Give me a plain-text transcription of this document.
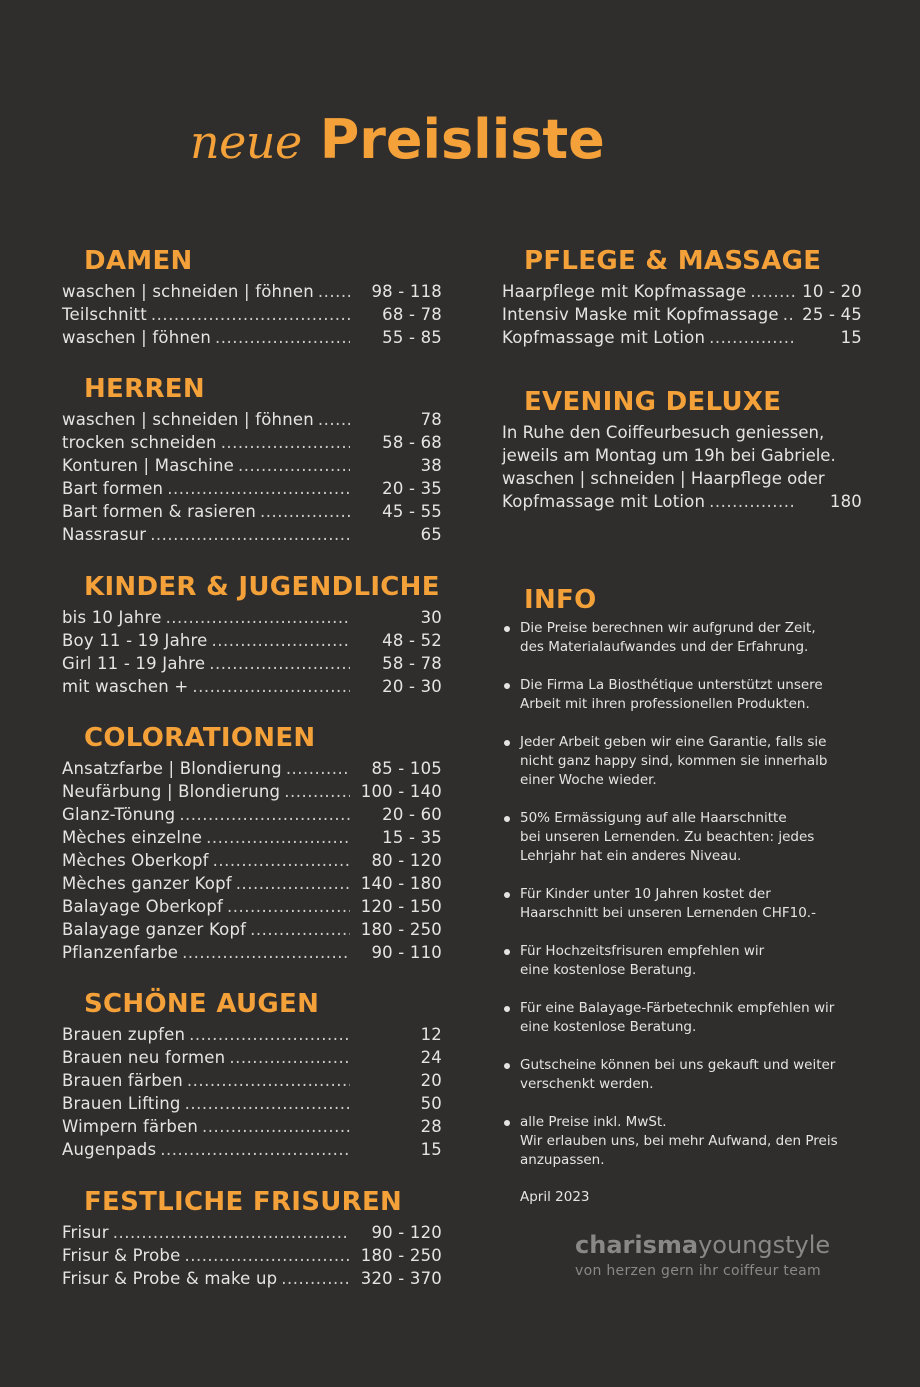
neue Preisliste
DAMEN
waschen | schneiden | föhnen .....	98 - 118
Teilschnitt .....	68 - 78
waschen | föhnen .....	55 - 85
HERREN
waschen | schneiden | föhnen .....	78
trocken schneiden .....	58 - 68
Konturen | Maschine .....	38
Bart formen .....	20 - 35
Bart formen & rasieren .....	45 - 55
Nassrasur .....	65
KINDER & JUGENDLICHE
bis 10 Jahre .....	30
Boy 11 - 19 Jahre .....	48 - 52
Girl 11 - 19 Jahre .....	58 - 78
mit waschen + .....	20 - 30
COLORATIONEN
Ansatzfarbe | Blondierung .....	85 - 105
Neufärbung | Blondierung .....	100 - 140
Glanz-Tönung .....	20 - 60
Mèches einzelne .....	15 - 35
Mèches Oberkopf .....	80 - 120
Mèches ganzer Kopf .....	140 - 180
Balayage Oberkopf .....	120 - 150
Balayage ganzer Kopf .....	180 - 250
Pflanzenfarbe .....	90 - 110
SCHÖNE AUGEN
Brauen zupfen .....	12
Brauen neu formen .....	24
Brauen färben .....	20
Brauen Lifting .....	50
Wimpern färben .....	28
Augenpads .....	15
FESTLICHE FRISUREN
Frisur .....	90 - 120
Frisur & Probe .....	180 - 250
Frisur & Probe & make up .....	320 - 370
PFLEGE & MASSAGE
Haarpflege mit Kopfmassage .....	10 - 20
Intensiv Maske mit Kopfmassage ..... 25 - 45
Kopfmassage mit Lotion .....	15
EVENING DELUXE

In Ruhe den Coiffeurbesuch geniessen,

jeweils am Montag um 19h bei Gabriele.

waschen | schneiden | Haarpflege oder

Kopfmassage mit Lotion .....	180
INFO
Die Preise berechnen wir aufgrund der Zeit,
des Materialaufwandes und der Erfahrung.
Die Firma La Biosthétique unterstützt unsere
Arbeit mit ihren professionellen Produkten.
Jeder Arbeit geben wir eine Garantie, falls sie
nicht ganz happy sind, kommen sie innerhalb
einer Woche wieder.
50% Ermässigung auf alle Haarschnitte
bei unseren Lernenden. Zu beachten: jedes
Lehrjahr hat ein anderes Niveau.
Für Kinder unter 10 Jahren kostet der
Haarschnitt bei unseren Lernenden CHF10.-
Für Hochzeitsfrisuren empfehlen wir
eine kostenlose Beratung.
Für eine Balayage-Färbetechnik empfehlen wir
eine kostenlose Beratung.
Gutscheine können bei uns gekauft und weiter
verschenkt werden.
alle Preise inkl. MwSt.
Wir erlauben uns, bei mehr Aufwand, den Preis
anzupassen.
April 2023
charismayoungstyle
von herzen gern ihr coiffeur team
